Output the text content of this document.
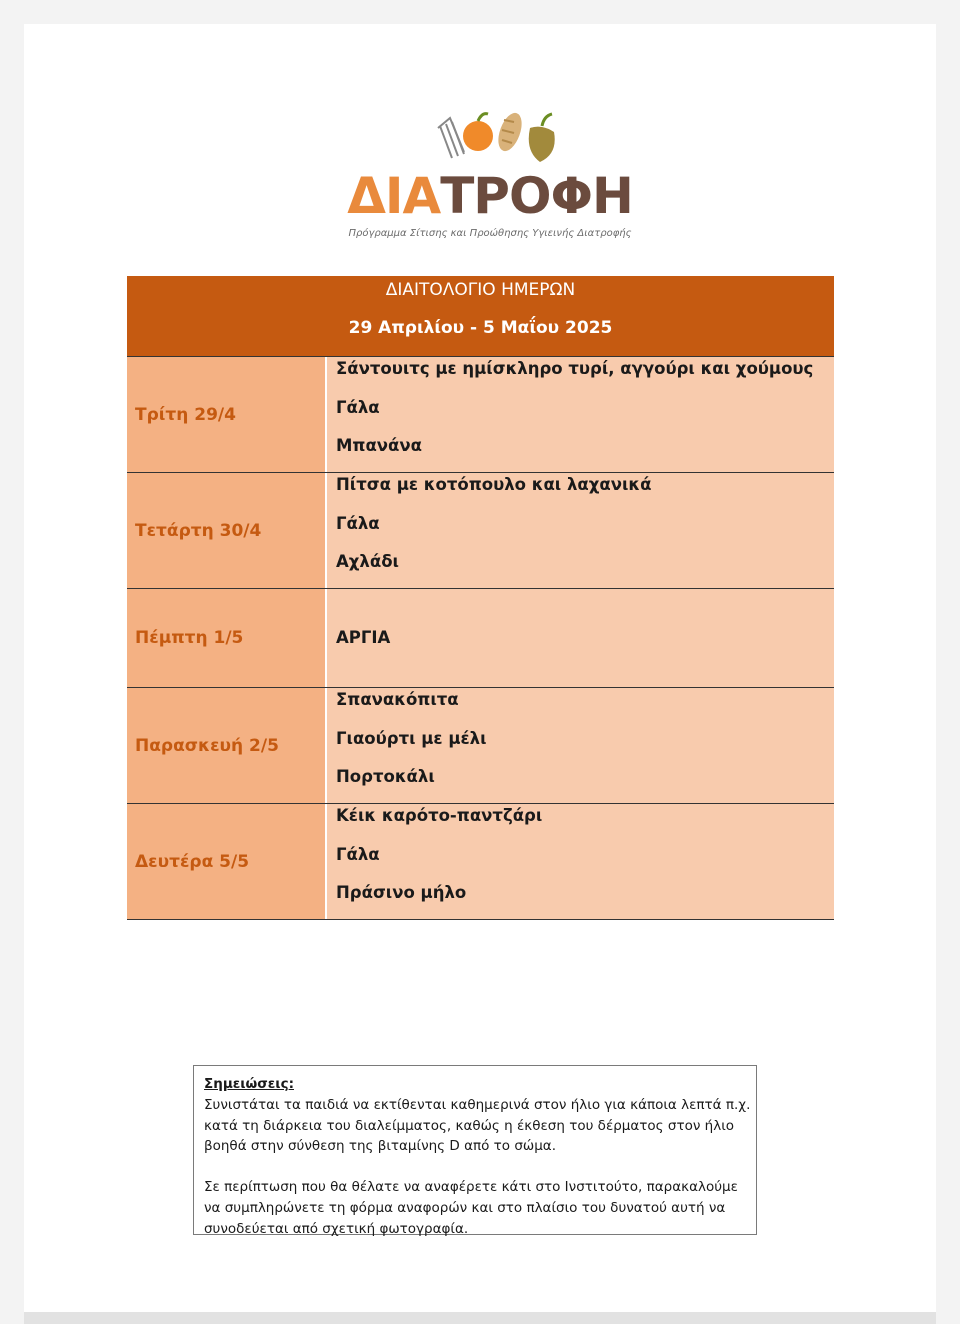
ΔΙΑΤΡΟΦΗ
Πρόγραμμα Σίτισης και Προώθησης Υγιεινής Διατροφής
ΔΙΑΙΤΟΛΟΓΙΟ ΗΜΕΡΩΝ
29 Απριλίου - 5 Μαΐου 2025
Τρίτη 29/4
Σάντουιτς με ημίσκληρο τυρί, αγγούρι και χούμους
Γάλα
Μπανάνα
Τετάρτη 30/4
Πίτσα με κοτόπουλο και λαχανικά
Γάλα
Αχλάδι
Πέμπτη 1/5	ΑΡΓΙΑ
Παρασκευή 2/5
Σπανακόπιτα
Γιαούρτι με μέλι
Πορτοκάλι
Δευτέρα 5/5
Κέικ καρότο-παντζάρι
Γάλα
Πράσινο μήλο

Σημειώσεις:

Συνιστάται τα παιδιά να εκτίθενται καθημερινά στον ήλιο για κάποια λεπτά π.χ.

κατά τη διάρκεια του διαλείμματος, καθώς η έκθεση του δέρματος στον ήλιο

βοηθά στην σύνθεση της βιταμίνης D από το σώμα.

Σε περίπτωση που θα θέλατε να αναφέρετε κάτι στο Ινστιτούτο, παρακαλούμε

να συμπληρώνετε τη φόρμα αναφορών και στο πλαίσιο του δυνατού αυτή να

συνοδεύεται από σχετική φωτογραφία.
